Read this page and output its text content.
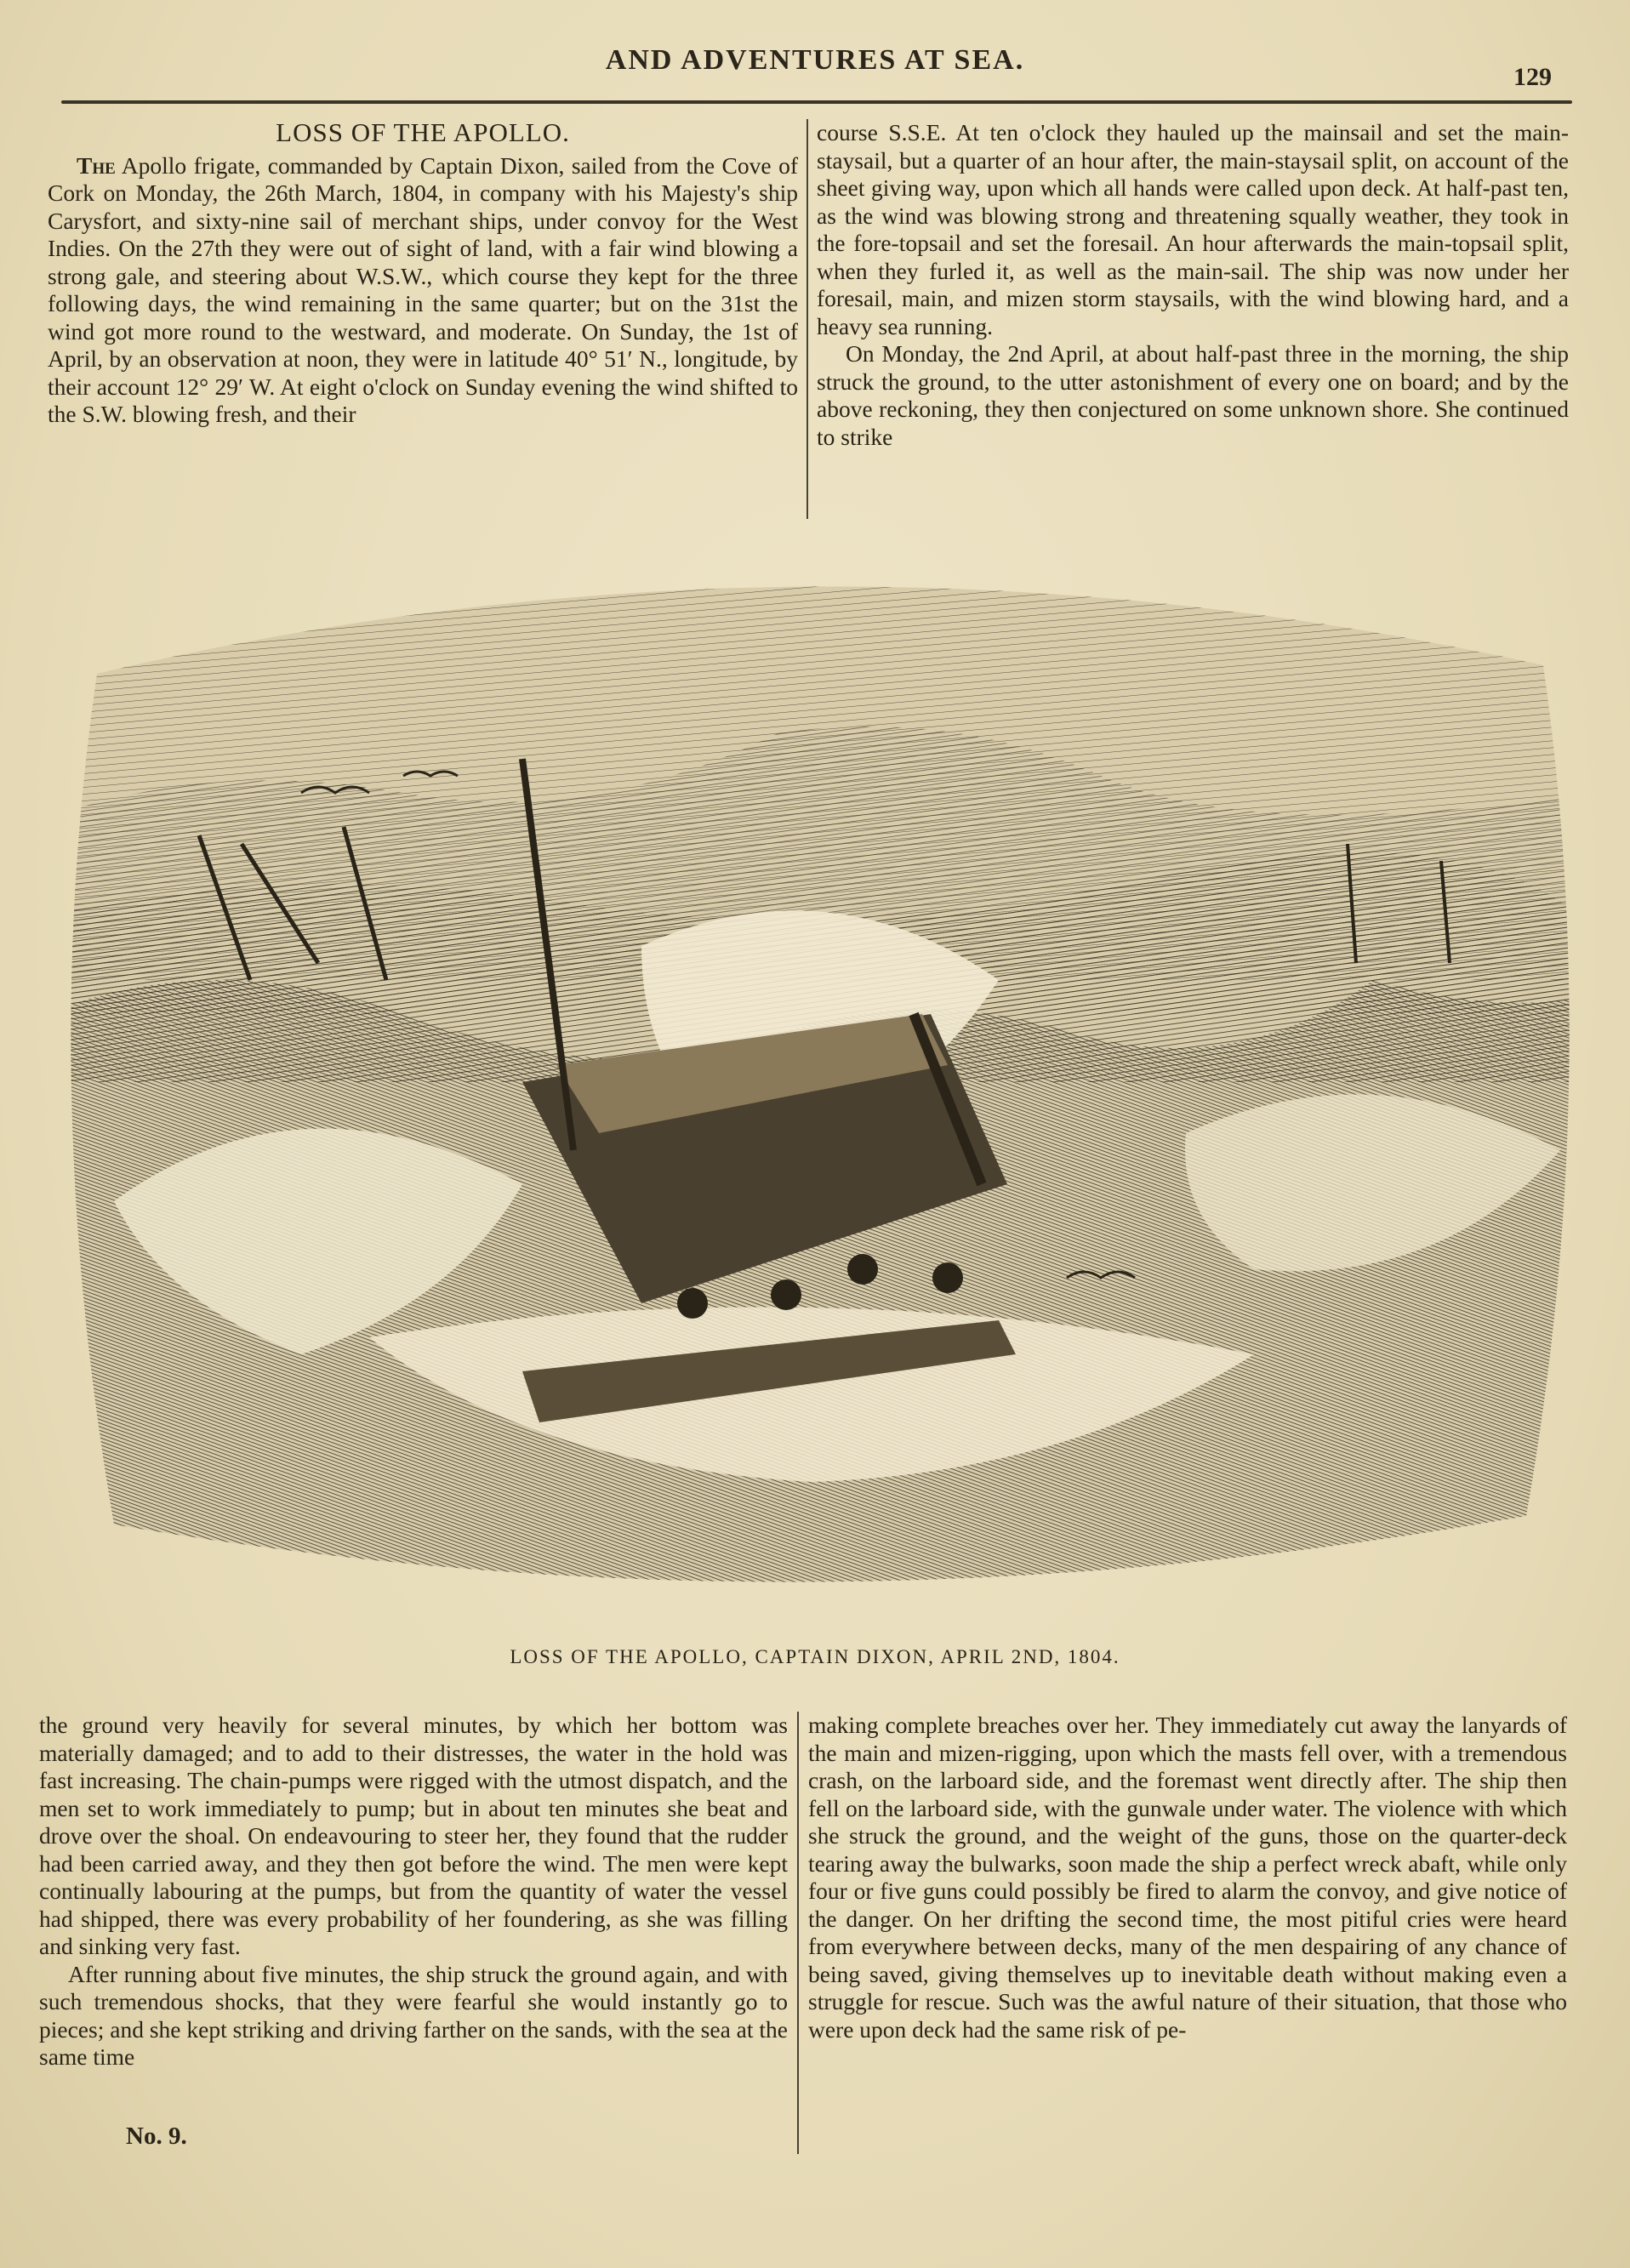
AND ADVENTURES AT SEA.
129
LOSS OF THE APOLLO.

The Apollo frigate, commanded by Captain Dixon, sailed from the Cove of Cork on Monday, the 26th March, 1804, in company with his Majesty's ship Carysfort, and sixty-nine sail of merchant ships, under convoy for the West Indies. On the 27th they were out of sight of land, with a fair wind blowing a strong gale, and steering about W.S.W., which course they kept for the three following days, the wind remaining in the same quarter; but on the 31st the wind got more round to the westward, and moderate. On Sunday, the 1st of April, by an observation at noon, they were in latitude 40° 51′ N., longitude, by their account 12° 29′ W. At eight o'clock on Sunday evening the wind shifted to the S.W. blowing fresh, and their

course S.S.E. At ten o'clock they hauled up the mainsail and set the main-staysail, but a quarter of an hour after, the main-staysail split, on account of the sheet giving way, upon which all hands were called upon deck. At half-past ten, as the wind was blowing strong and threatening squally weather, they took in the fore-topsail and set the foresail. An hour afterwards the main-topsail split, when they furled it, as well as the main-sail. The ship was now under her foresail, main, and mizen storm staysails, with the wind blowing hard, and a heavy sea running.

On Monday, the 2nd April, at about half-past three in the morning, the ship struck the ground, to the utter astonishment of every one on board; and by the above reckoning, they then conjectured on some unknown shore. She continued to strike

LOSS OF THE APOLLO, CAPTAIN DIXON, APRIL 2ND, 1804.

the ground very heavily for several minutes, by which her bottom was materially damaged; and to add to their distresses, the water in the hold was fast increasing. The chain-pumps were rigged with the utmost dispatch, and the men set to work immediately to pump; but in about ten minutes she beat and drove over the shoal. On endeavouring to steer her, they found that the rudder had been carried away, and they then got before the wind. The men were kept continually labouring at the pumps, but from the quantity of water the vessel had shipped, there was every probability of her foundering, as she was filling and sinking very fast.

After running about five minutes, the ship struck the ground again, and with such tremendous shocks, that they were fearful she would instantly go to pieces; and she kept striking and driving farther on the sands, with the sea at the same time

making complete breaches over her. They immediately cut away the lanyards of the main and mizen-rigging, upon which the masts fell over, with a tremendous crash, on the larboard side, and the foremast went directly after. The ship then fell on the larboard side, with the gunwale under water. The violence with which she struck the ground, and the weight of the guns, those on the quarter-deck tearing away the bulwarks, soon made the ship a perfect wreck abaft, while only four or five guns could possibly be fired to alarm the convoy, and give notice of the danger. On her drifting the second time, the most pitiful cries were heard from everywhere between decks, many of the men despairing of any chance of being saved, giving themselves up to inevitable death without making even a struggle for rescue. Such was the awful nature of their situation, that those who were upon deck had the same risk of pe-

No. 9.
